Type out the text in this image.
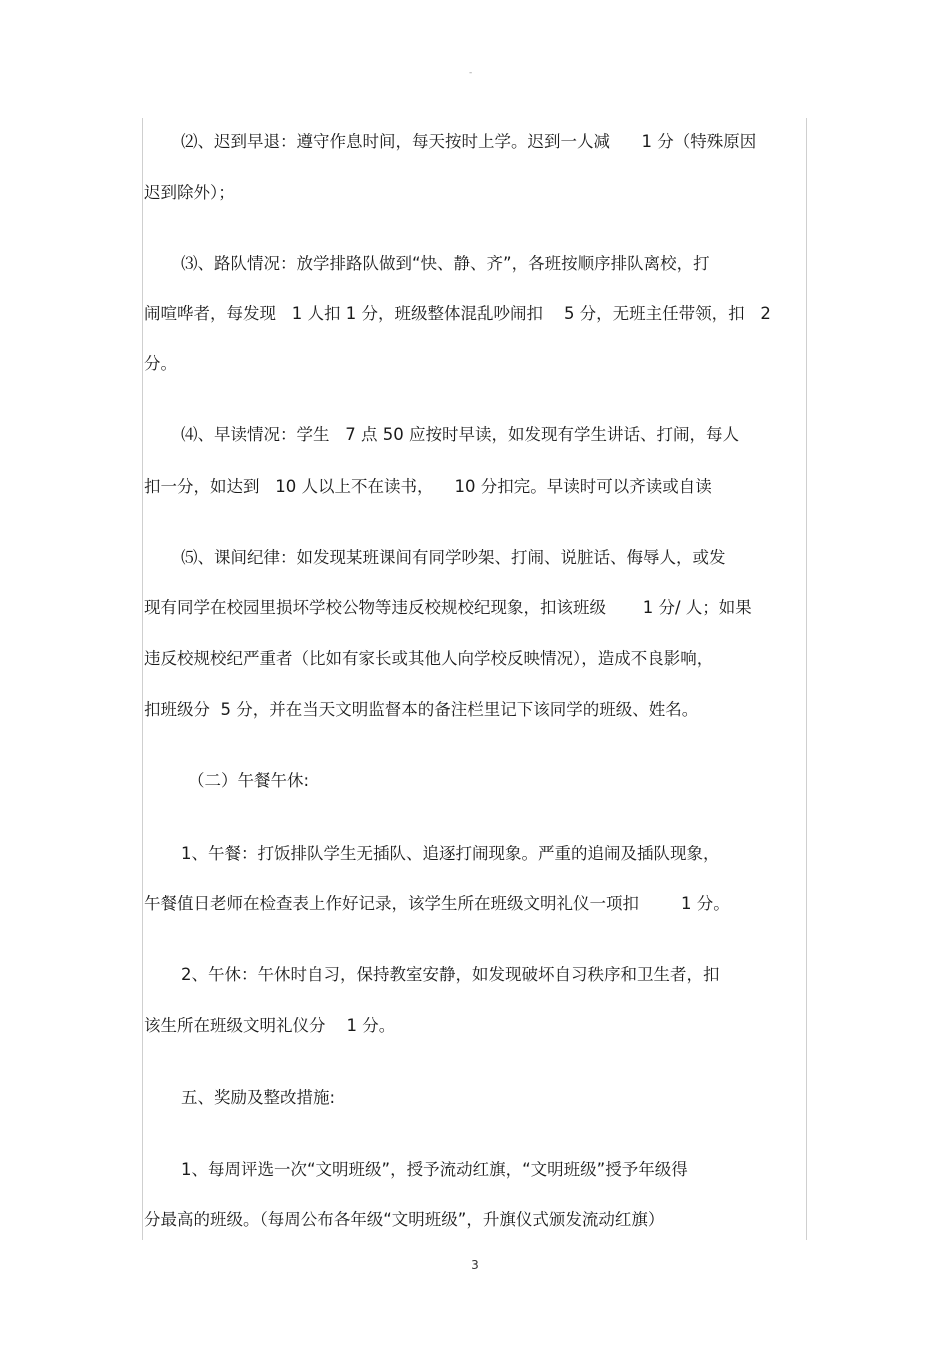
-
⑵、迟到早退：遵守作息时间，每天按时上学。迟到一人减      1 分（特殊原因
迟到除外）；
⑶、路队情况：放学排路队做到“快、静、齐”，各班按顺序排队离校，打
闹喧哗者，每发现   1 人扣 1 分，班级整体混乱吵闹扣    5 分，无班主任带领，扣   2
分。
⑷、早读情况：学生   7 点 50 应按时早读，如发现有学生讲话、打闹，每人
扣一分，如达到   10 人以上不在读书，    10 分扣完。早读时可以齐读或自读
⑸、课间纪律：如发现某班课间有同学吵架、打闹、说脏话、侮辱人，或发
现有同学在校园里损坏学校公物等违反校规校纪现象，扣该班级       1 分/ 人；如果
违反校规校纪严重者（比如有家长或其他人向学校反映情况），造成不良影响，
扣班级分  5 分，并在当天文明监督本的备注栏里记下该同学的班级、姓名。
（二）午餐午休:
1、午餐：打饭排队学生无插队、追逐打闹现象。严重的追闹及插队现象，
午餐值日老师在检查表上作好记录，该学生所在班级文明礼仪一项扣        1 分。
2、午休：午休时自习，保持教室安静，如发现破坏自习秩序和卫生者，扣
该生所在班级文明礼仪分    1 分。
五、奖励及整改措施:
1、每周评选一次“文明班级”，授予流动红旗，“文明班级”授予年级得
分最高的班级。（每周公布各年级“文明班级”，升旗仪式颁发流动红旗）
3
